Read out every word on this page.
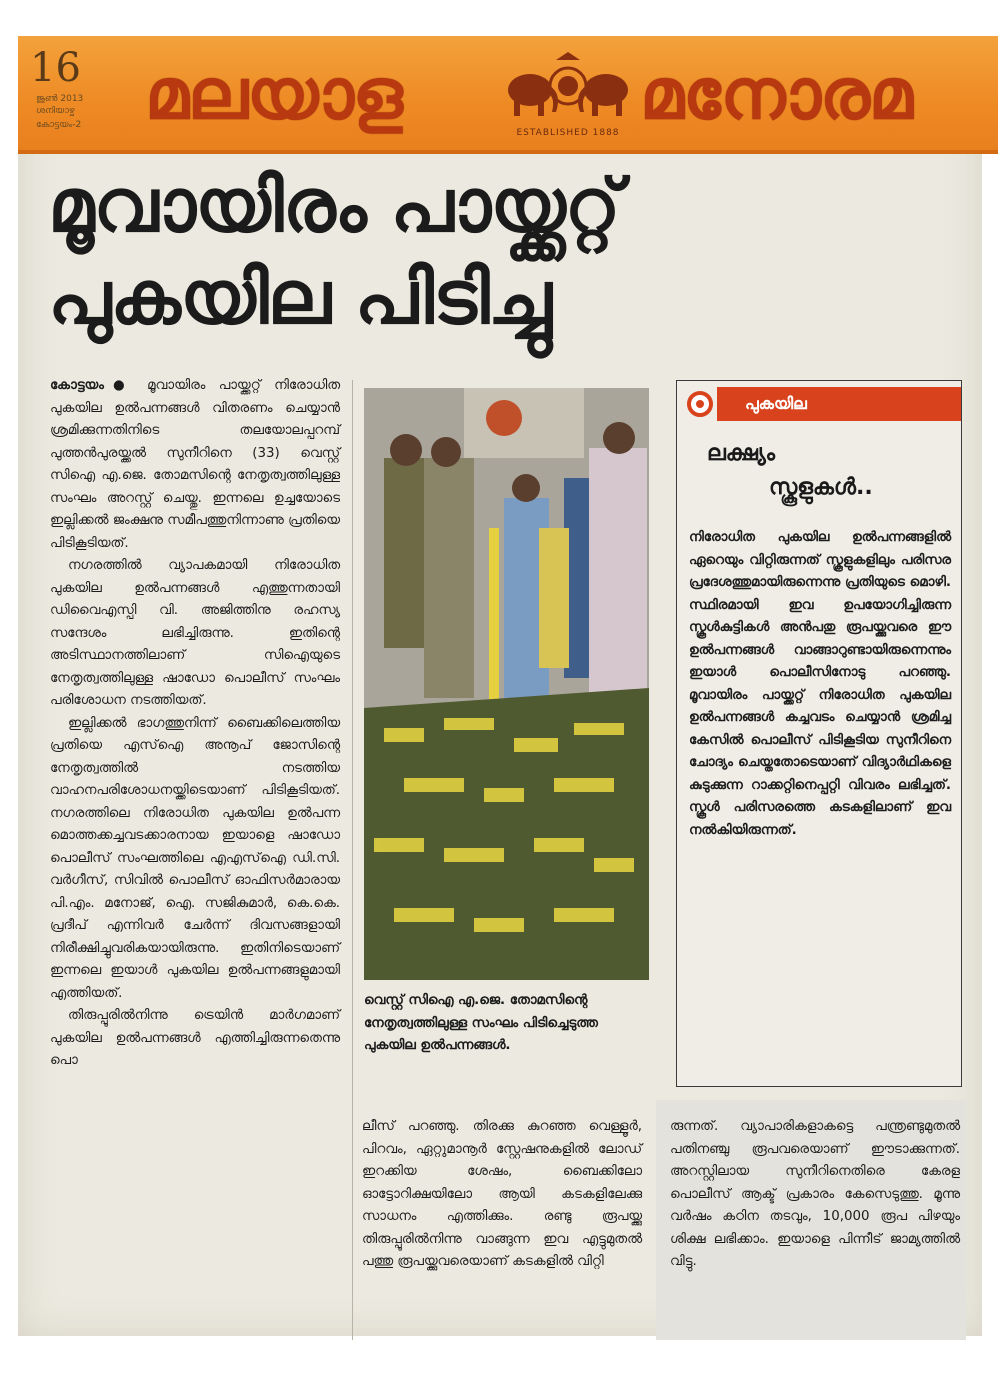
16
ജൂൺ 2013
ശനിയാഴ്ച
കോട്ടയം-2 മലയാള	ESTABLISHED 1888 മനോരമ
മൂവായിരം പായ്ക്കറ്റ്
പുകയില പിടിച്ചു

കോട്ടയം● മൂവായിരം പായ്ക്കറ്റ് നിരോധിത പുകയില ഉൽപന്നങ്ങൾ വിതരണം ചെയ്യാൻ ശ്രമിക്കുന്നതിനിടെ തലയോലപ്പറമ്പ് പുത്തൻപുരയ്ക്കൽ സുനീറിനെ (33) വെസ്റ്റ് സിഐ എ.ജെ. തോമസിന്റെ നേതൃത്വത്തിലുള്ള സംഘം അറസ്റ്റ് ചെയ്തു. ഇന്നലെ ഉച്ചയോടെ ഇല്ലിക്കൽ ജംക്ഷനു സമീപത്തുനിന്നാണു പ്രതിയെ പിടികൂടിയത്.

നഗരത്തിൽ വ്യാപകമായി നിരോധിത പുകയില ഉൽപന്നങ്ങൾ എത്തുന്നതായി ഡിവൈഎസ്പി വി. അജിത്തിനു രഹസ്യ സന്ദേശം ലഭിച്ചിരുന്നു. ഇതിന്റെ അടിസ്ഥാനത്തിലാണ് സിഐയുടെ നേതൃത്വത്തിലുള്ള ഷാഡോ പൊലീസ് സംഘം പരിശോധന നടത്തിയത്.

ഇല്ലിക്കൽ ഭാഗത്തുനിന്ന് ബൈക്കിലെത്തിയ പ്രതിയെ എസ്ഐ അനൂപ് ജോസിന്റെ നേതൃത്വത്തിൽ നടത്തിയ വാഹനപരിശോധനയ്ക്കിടെയാണ് പിടികൂടിയത്. നഗരത്തിലെ നിരോധിത പുകയില ഉൽപന്ന മൊത്തക്കച്ചവടക്കാരനായ ഇയാളെ ഷാഡോ പൊലീസ് സംഘത്തിലെ എഎസ്ഐ ഡി.സി. വർഗീസ്, സിവിൽ പൊലീസ് ഓഫിസർമാരായ പി.എം. മനോജ്, ഐ. സജികുമാർ, കെ.കെ. പ്രദീപ് എന്നിവർ ചേർന്ന് ദിവസങ്ങളായി നിരീക്ഷിച്ചുവരികയായിരുന്നു. ഇതിനിടെയാണ് ഇന്നലെ ഇയാൾ പുകയില ഉൽപന്നങ്ങളുമായി എത്തിയത്.

തിരുപ്പൂരിൽനിന്നു ട്രെയിൻ മാർഗമാണ് പുകയില ഉൽപന്നങ്ങൾ എത്തിച്ചിരുന്നതെന്നു പൊ

വെസ്റ്റ് സിഐ എ.ജെ. തോമസിന്റെ നേതൃത്വത്തിലുള്ള സംഘം പിടിച്ചെടുത്ത പുകയില ഉൽപന്നങ്ങൾ.
പുകയില
ലക്ഷ്യം
സ്കൂളുകൾ..
നിരോധിത പുകയില ഉൽപന്നങ്ങളിൽ ഏറെയും വിറ്റിരുന്നത് സ്കൂളുകളിലും പരിസര പ്രദേശത്തുമായിരുന്നെന്നു പ്രതിയുടെ മൊഴി. സ്ഥിരമായി ഇവ ഉപയോഗിച്ചിരുന്ന സ്കൂൾകുട്ടികൾ അൻപതു രൂപയ്ക്കുവരെ ഈ ഉൽപന്നങ്ങൾ വാങ്ങാറുണ്ടായിരുന്നെന്നും ഇയാൾ പൊലീസിനോടു പറഞ്ഞു. മൂവായിരം പായ്ക്കറ്റ് നിരോധിത പുകയില ഉൽപന്നങ്ങൾ കച്ചവടം ചെയ്യാൻ ശ്രമിച്ച കേസിൽ പൊലീസ് പിടികൂടിയ സുനീറിനെ ചോദ്യം ചെയ്തതോടെയാണ് വിദ്യാർഥികളെ കുടുക്കുന്ന റാക്കറ്റിനെപ്പറ്റി വിവരം ലഭിച്ചത്. സ്കൂൾ പരിസരത്തെ കടകളിലാണ് ഇവ നൽകിയിരുന്നത്.

ലീസ് പറഞ്ഞു. തിരക്കു കുറഞ്ഞ വെള്ളൂർ, പിറവം, ഏറ്റുമാനൂർ സ്റ്റേഷനുകളിൽ ലോഡ് ഇറക്കിയ ശേഷം, ബൈക്കിലോ ഓട്ടോറിക്ഷയിലോ ആയി കടകളിലേക്കു സാധനം എത്തിക്കും. രണ്ടു രൂപയ്ക്കു തിരുപ്പൂരിൽനിന്നു വാങ്ങുന്ന ഇവ എട്ടുമുതൽ പത്തു രൂപയ്ക്കുവരെയാണ് കടകളിൽ വിറ്റി

രുന്നത്. വ്യാപാരികളാകട്ടെ പന്ത്രണ്ടുമുതൽ പതിനഞ്ചു രൂപവരെയാണ് ഈടാക്കുന്നത്. അറസ്റ്റിലായ സുനീറിനെതിരെ കേരള പൊലീസ് ആക്ട് പ്രകാരം കേസെടുത്തു. മൂന്നു വർഷം കഠിന തടവും, 10,000 രൂപ പിഴയും ശിക്ഷ ലഭിക്കാം. ഇയാളെ പിന്നീട് ജാമ്യത്തിൽ വിട്ടു.
